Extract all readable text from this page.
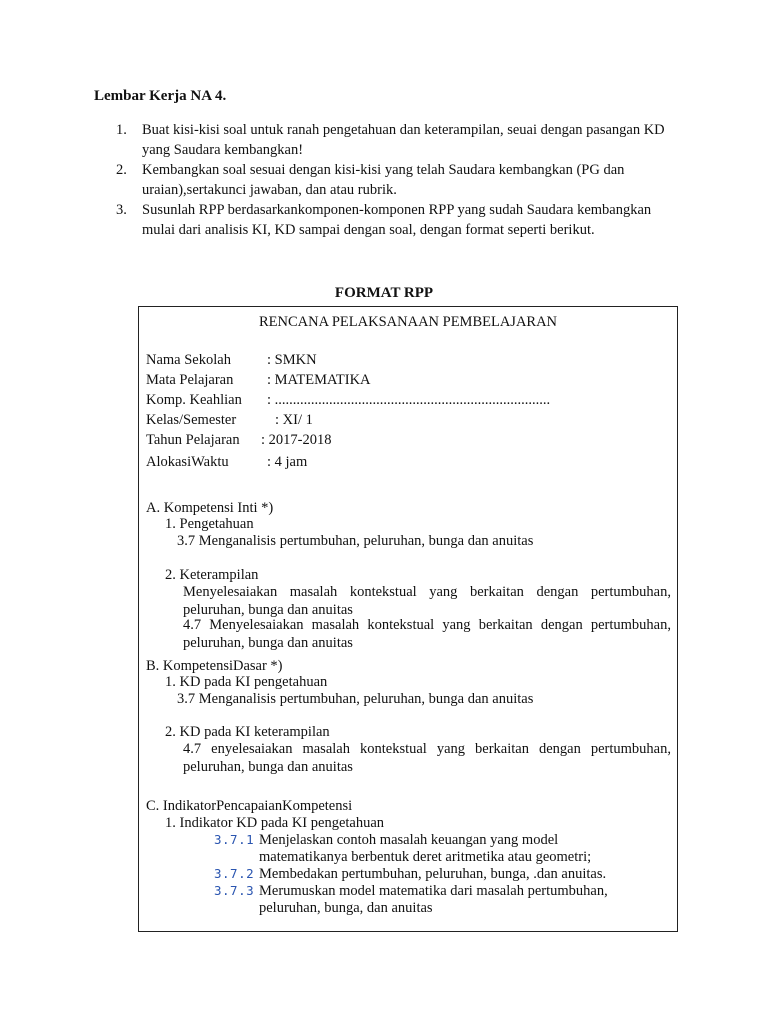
Lembar Kerja NA 4.
1. Buat kisi-kisi soal untuk ranah pengetahuan dan keterampilan, seuai dengan pasangan KD yang Saudara kembangkan!
2. Kembangkan soal sesuai dengan kisi-kisi yang telah Saudara kembangkan (PG dan uraian),sertakunci jawaban, dan atau rubrik.
3. Susunlah RPP berdasarkankomponen-komponen RPP yang sudah Saudara kembangkan mulai dari analisis KI, KD sampai dengan soal, dengan format seperti berikut.
FORMAT RPP
RENCANA PELAKSANAAN PEMBELAJARAN
Nama Sekolah : SMKN
Mata Pelajaran : MATEMATIKA
Komp. Keahlian : ............................................................................
Kelas/Semester	: XI/ 1
Tahun Pelajaran : 2017-2018
AlokasiWaktu	: 4 jam
A. Kompetensi Inti *)
1. Pengetahuan
3.7 Menganalisis pertumbuhan, peluruhan, bunga dan anuitas
2. Keterampilan
Menyelesaiakan masalah kontekstual yang berkaitan dengan pertumbuhan, peluruhan, bunga dan anuitas
4.7 Menyelesaiakan masalah kontekstual yang berkaitan dengan pertumbuhan, peluruhan, bunga dan anuitas
B. KompetensiDasar *)
1. KD pada KI pengetahuan
3.7 Menganalisis pertumbuhan, peluruhan, bunga dan anuitas
2. KD pada KI keterampilan
4.7 enyelesaiakan masalah kontekstual yang berkaitan dengan pertumbuhan, peluruhan, bunga dan anuitas
C. IndikatorPencapaianKompetensi
1. Indikator KD pada KI pengetahuan
3.7.1 Menjelaskan contoh masalah keuangan yang model
matematikanya berbentuk deret aritmetika atau geometri;
3.7.2 Membedakan pertumbuhan, peluruhan, bunga, .dan anuitas.
3.7.3 Merumuskan model matematika dari masalah pertumbuhan,
peluruhan, bunga, dan anuitas
